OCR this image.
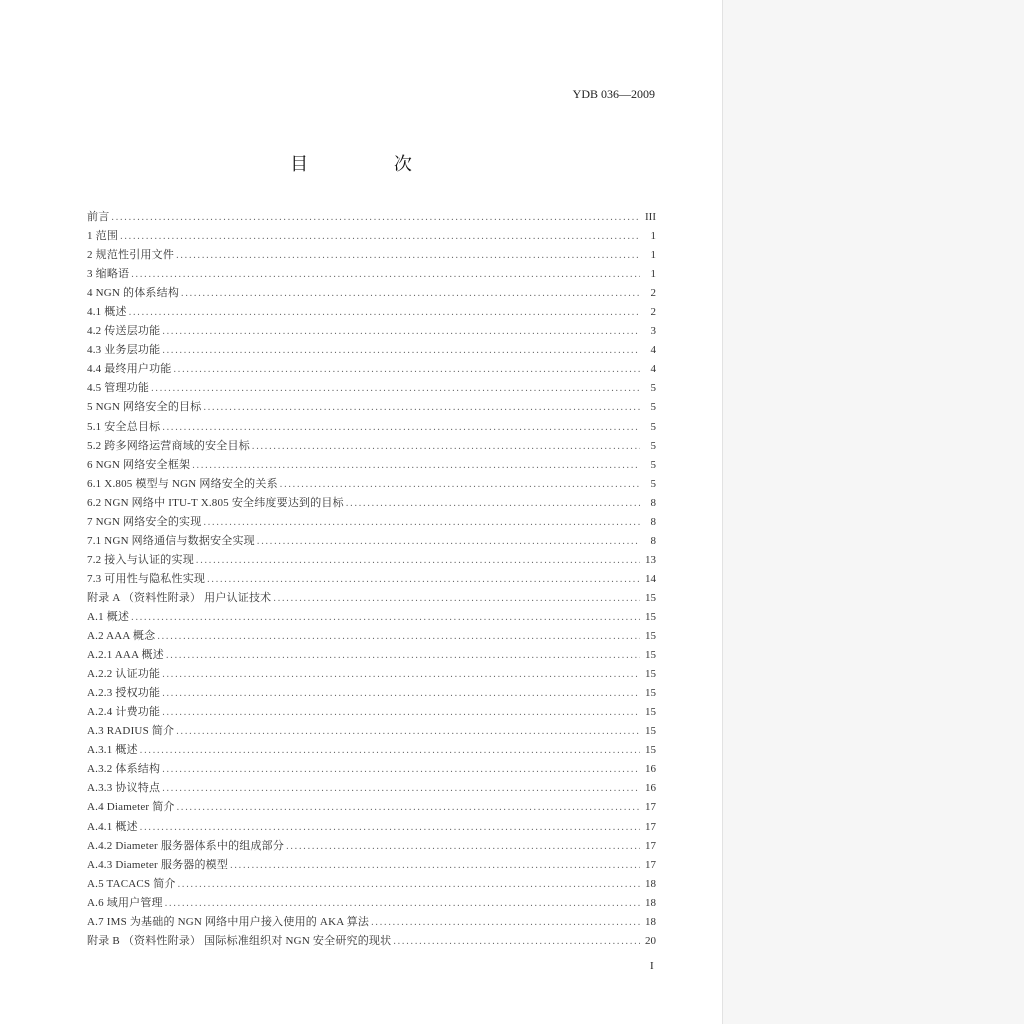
YDB 036—2009
目 次
前言 .....	III
1 范围 .....	1
2 规范性引用文件 .....	1
3 缩略语 .....	1
4 NGN 的体系结构 .....	2
4.1 概述 .....	2
4.2 传送层功能 .....	3
4.3 业务层功能 .....	4
4.4 最终用户功能 .....	4
4.5 管理功能 .....	5
5 NGN 网络安全的目标 .....	5
5.1 安全总目标 .....	5
5.2 跨多网络运营商域的安全目标 .....	5
6 NGN 网络安全框架 .....	5
6.1 X.805 模型与 NGN 网络安全的关系 .....	5
6.2 NGN 网络中 ITU-T X.805 安全纬度要达到的目标 .....	8
7 NGN 网络安全的实现 .....	8
7.1 NGN 网络通信与数据安全实现 .....	8
7.2 接入与认证的实现 .....	13
7.3 可用性与隐私性实现 .....	14
附录 A （资料性附录） 用户认证技术 .....	15
A.1 概述 .....	15
A.2 AAA 概念 .....	15
A.2.1 AAA 概述 .....	15
A.2.2 认证功能 .....	15
A.2.3 授权功能 .....	15
A.2.4 计费功能 .....	15
A.3 RADIUS 简介 .....	15
A.3.1 概述 .....	15
A.3.2 体系结构 .....	16
A.3.3 协议特点 .....	16
A.4 Diameter 简介 .....	17
A.4.1 概述 .....	17
A.4.2 Diameter 服务器体系中的组成部分 .....	17
A.4.3 Diameter 服务器的模型 .....	17
A.5 TACACS 简介 .....	18
A.6 域用户管理 .....	18
A.7 IMS 为基础的 NGN 网络中用户接入使用的 AKA 算法 .....	18
附录 B （资料性附录） 国际标准组织对 NGN 安全研究的现状 .....	20
I
